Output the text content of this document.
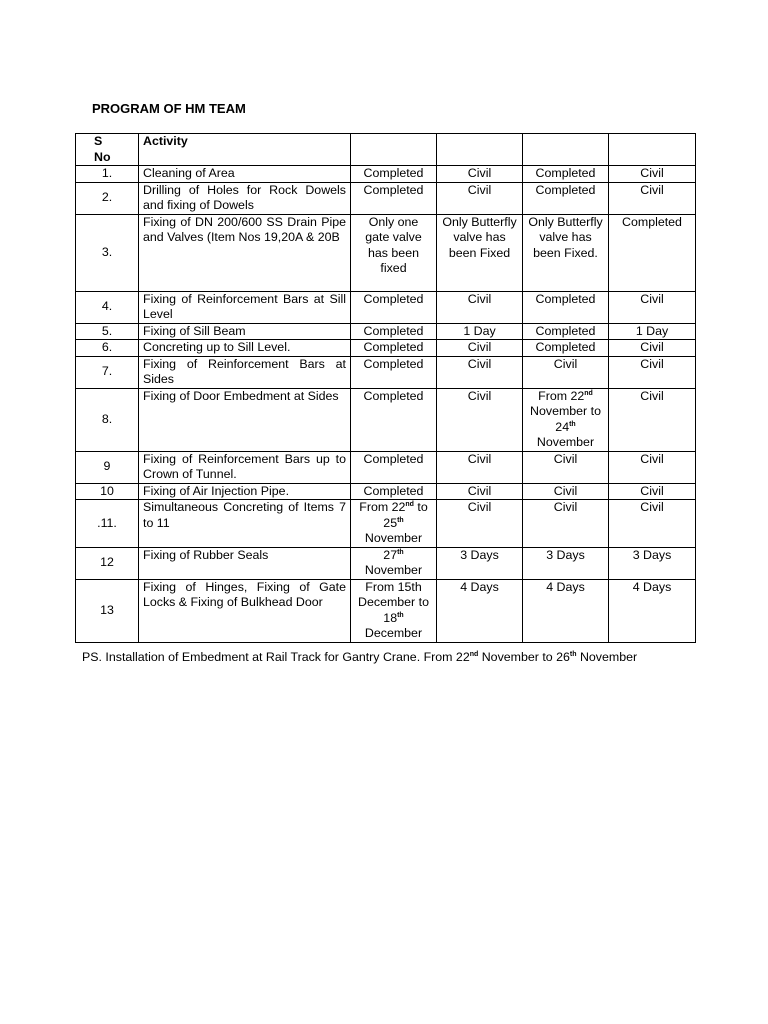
PROGRAM OF HM TEAM
S No	Activity				
1.	Cleaning of Area	Completed	Civil	Completed	Civil
2.	Drilling of Holes for Rock Dowels and fixing of Dowels	Completed	Civil	Completed	Civil
3.	Fixing of DN 200/600 SS Drain Pipe and Valves (Item Nos 19,20A & 20B	Only one gate valve has been fixed	Only Butterfly valve has been Fixed	Only Butterfly valve has been Fixed.	Completed
4.	Fixing of Reinforcement Bars at Sill Level	Completed	Civil	Completed	Civil
5.	Fixing of Sill Beam	Completed	1 Day	Completed	1 Day
6.	Concreting up to Sill Level.	Completed	Civil	Completed	Civil
7.	Fixing of Reinforcement Bars at Sides	Completed	Civil	Civil	Civil
8.	Fixing of Door Embedment at Sides	Completed	Civil	From 22nd November to 24th November	Civil
9	Fixing of Reinforcement Bars up to Crown of Tunnel.	Completed	Civil	Civil	Civil
10	Fixing of Air Injection Pipe.	Completed	Civil	Civil	Civil
.11.	Simultaneous Concreting of Items 7 to 11	From 22nd to 25th November	Civil	Civil	Civil
12	Fixing of Rubber Seals	27th November	3 Days	3 Days	3 Days
13	Fixing of Hinges, Fixing of Gate Locks & Fixing of Bulkhead Door	From 15th December to 18th December	4 Days	4 Days	4 Days
PS. Installation of Embedment at Rail Track for Gantry Crane. From 22nd November to 26th November
